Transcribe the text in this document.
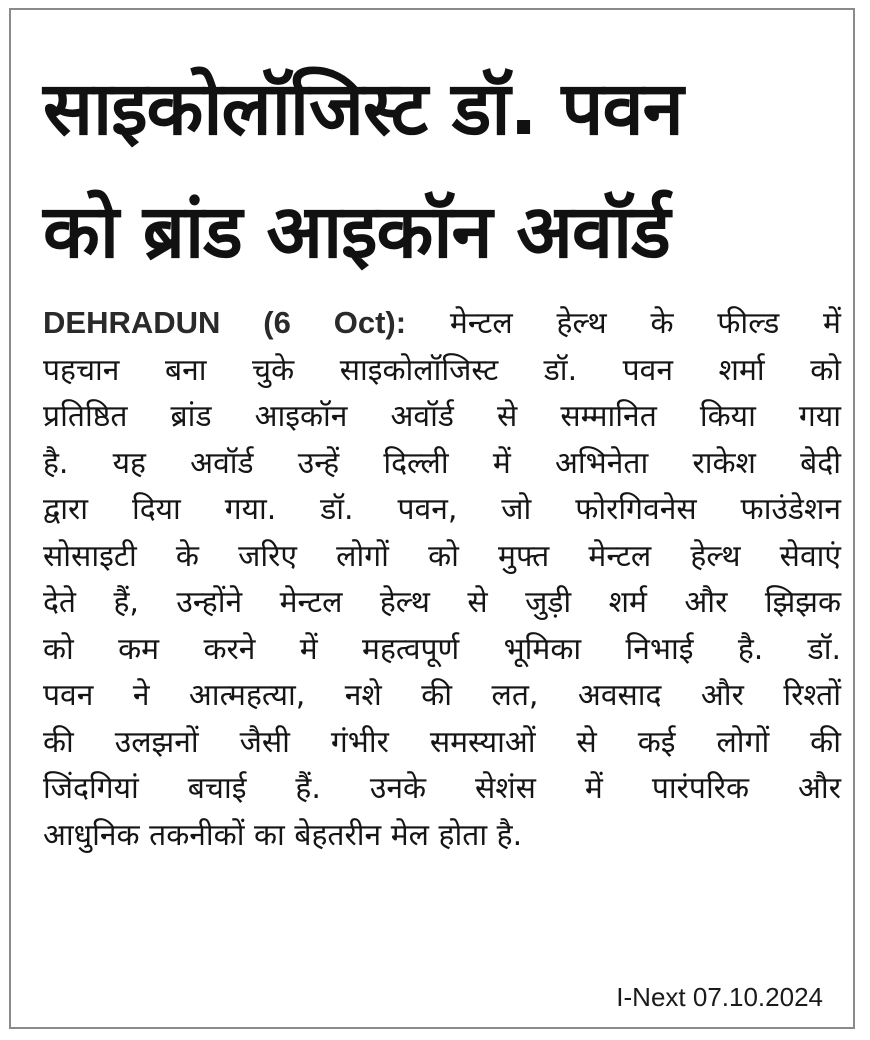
साइकोलॉजिस्ट डॉ. पवन
को ब्रांड आइकॉन अवॉर्ड
DEHRADUN (6 Oct): मेन्टल हेल्थ के फील्ड में
पहचान बना चुके साइकोलॉजिस्ट डॉ. पवन शर्मा को
प्रतिष्ठित ब्रांड आइकॉन अवॉर्ड से सम्मानित किया गया
है. यह अवॉर्ड उन्हें दिल्ली में अभिनेता राकेश बेदी
द्वारा दिया गया. डॉ. पवन, जो फोरगिवनेस फाउंडेशन
सोसाइटी के जरिए लोगों को मुफ्त मेन्टल हेल्थ सेवाएं
देते हैं, उन्होंने मेन्टल हेल्थ से जुड़ी शर्म और झिझक
को कम करने में महत्वपूर्ण भूमिका निभाई है. डॉ.
पवन ने आत्महत्या, नशे की लत, अवसाद और रिश्तों
की उलझनों जैसी गंभीर समस्याओं से कई लोगों की
जिंदगियां बचाई हैं. उनके सेशंस में पारंपरिक और
आधुनिक तकनीकों का बेहतरीन मेल होता है.
I-Next 07.10.2024
